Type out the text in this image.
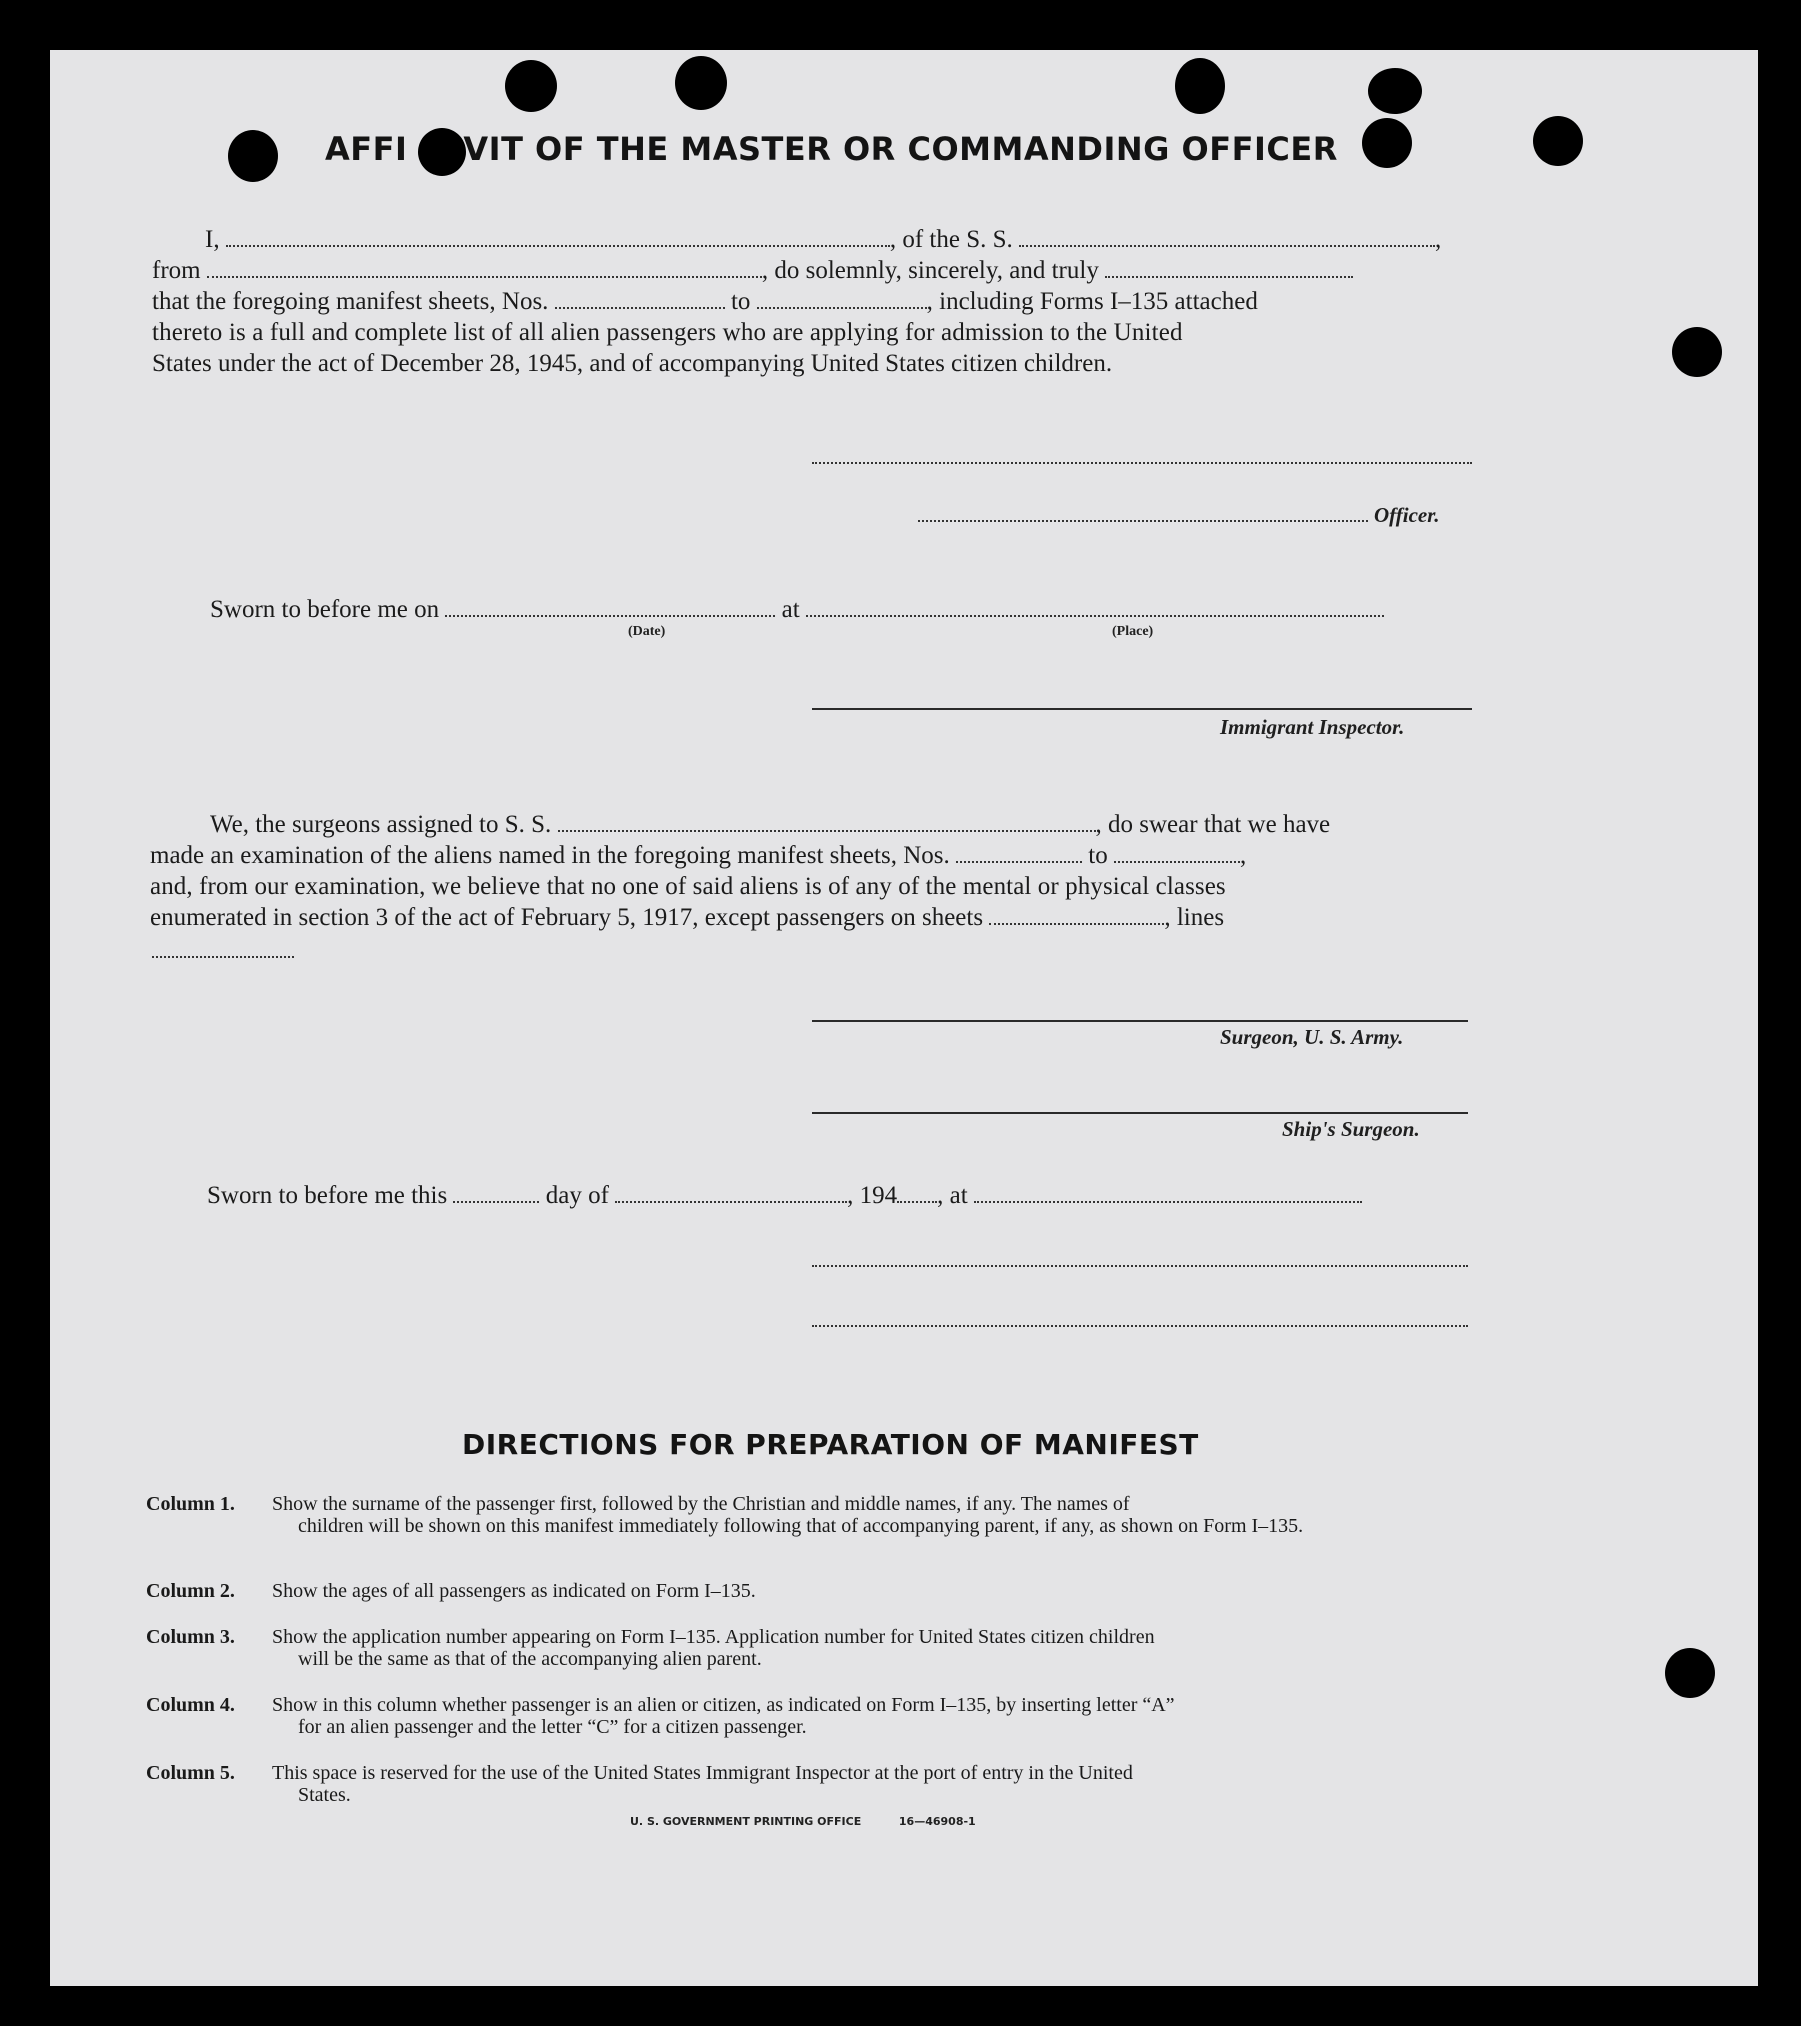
AFFI VIT OF THE MASTER OR COMMANDING OFFICER
I,	, of the S. S.	,
from	, do solemnly, sincerely, and truly
that the foregoing manifest sheets, Nos.	to	, including Forms I–135 attached
thereto is a full and complete list of all alien passengers who are applying for admission to the United
States under the act of December 28, 1945, and of accompanying United States citizen children.
Officer.
Sworn to before me on	at
(Date)	(Place)
Immigrant Inspector.
We, the surgeons assigned to S. S.	, do swear that we have
made an examination of the aliens named in the foregoing manifest sheets, Nos.	to	,
and, from our examination, we believe that no one of said aliens is of any of the mental or physical classes
enumerated in section 3 of the act of February 5, 1917, except passengers on sheets	, lines
Surgeon, U. S. Army.
Ship's Surgeon.
Sworn to before me this	day of	, 194 , at
DIRECTIONS FOR PREPARATION OF MANIFEST
Column 1.	Show the surname of the passenger first, followed by the Christian and middle names, if any. The names of
children will be shown on this manifest immediately following that of accompanying parent, if any, as shown on Form I–135.
Column 2.	Show the ages of all passengers as indicated on Form I–135.
Column 3.	Show the application number appearing on Form I–135. Application number for United States citizen children
will be the same as that of the accompanying alien parent.
Column 4.	Show in this column whether passenger is an alien or citizen, as indicated on Form I–135, by inserting letter “A”
for an alien passenger and the letter “C” for a citizen passenger.
Column 5.	This space is reserved for the use of the United States Immigrant Inspector at the port of entry in the United
States.
U. S. GOVERNMENT PRINTING OFFICE	16—46908-1
